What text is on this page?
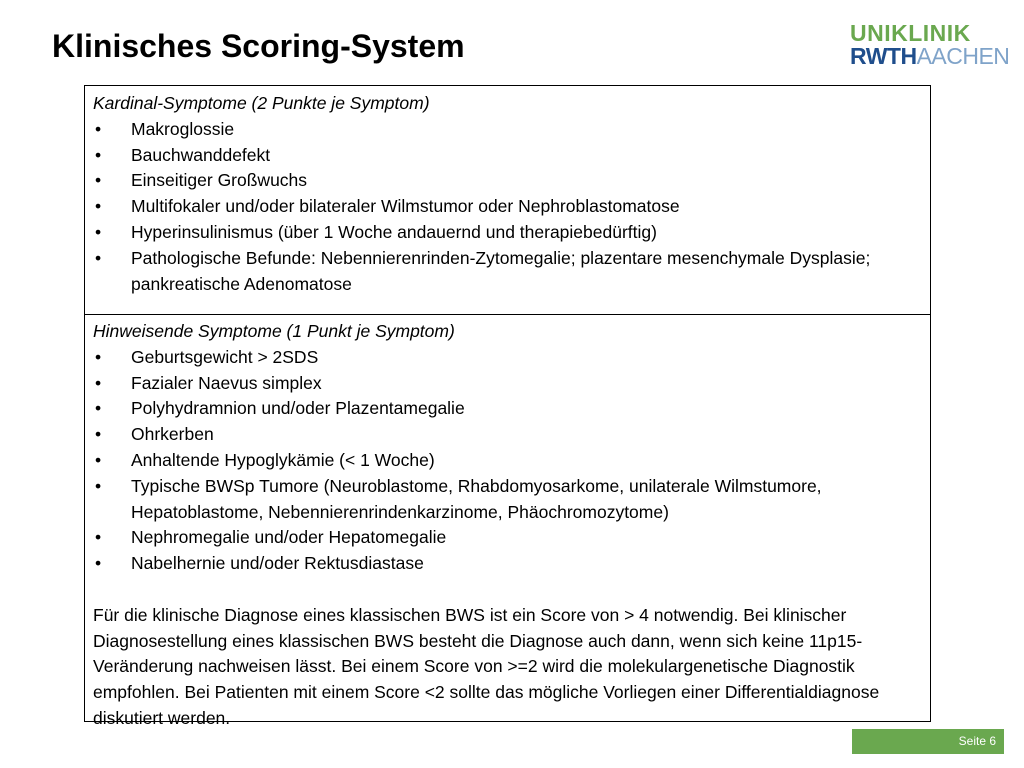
Klinisches Scoring-System	UNIKLINIK
RWTHAACHEN
Kardinal-Symptome (2 Punkte je Symptom)
• Makroglossie
• Bauchwanddefekt
• Einseitiger Großwuchs
• Multifokaler und/oder bilateraler Wilmstumor oder Nephroblastomatose
• Hyperinsulinismus (über 1 Woche andauernd und therapiebedürftig)
• Pathologische Befunde: Nebennierenrinden-Zytomegalie; plazentare mesenchymale Dysplasie; pankreatische Adenomatose
Hinweisende Symptome (1 Punkt je Symptom)
• Geburtsgewicht > 2SDS
• Fazialer Naevus simplex
• Polyhydramnion und/oder Plazentamegalie
• Ohrkerben
• Anhaltende Hypoglykämie (< 1 Woche)
• Typische BWSp Tumore (Neuroblastome, Rhabdomyosarkome, unilaterale Wilmstumore, Hepatoblastome, Nebennierenrindenkarzinome, Phäochromozytome)
• Nephromegalie und/oder Hepatomegalie
• Nabelhernie und/oder Rektusdiastase
Für die klinische Diagnose eines klassischen BWS ist ein Score von > 4 notwendig. Bei klinischer Diagnosestellung eines klassischen BWS besteht die Diagnose auch dann, wenn sich keine 11p15-Veränderung nachweisen lässt. Bei einem Score von >=2 wird die molekulargenetische Diagnostik empfohlen. Bei Patienten mit einem Score <2 sollte das mögliche Vorliegen einer Differentialdiagnose diskutiert werden.
Seite 6
